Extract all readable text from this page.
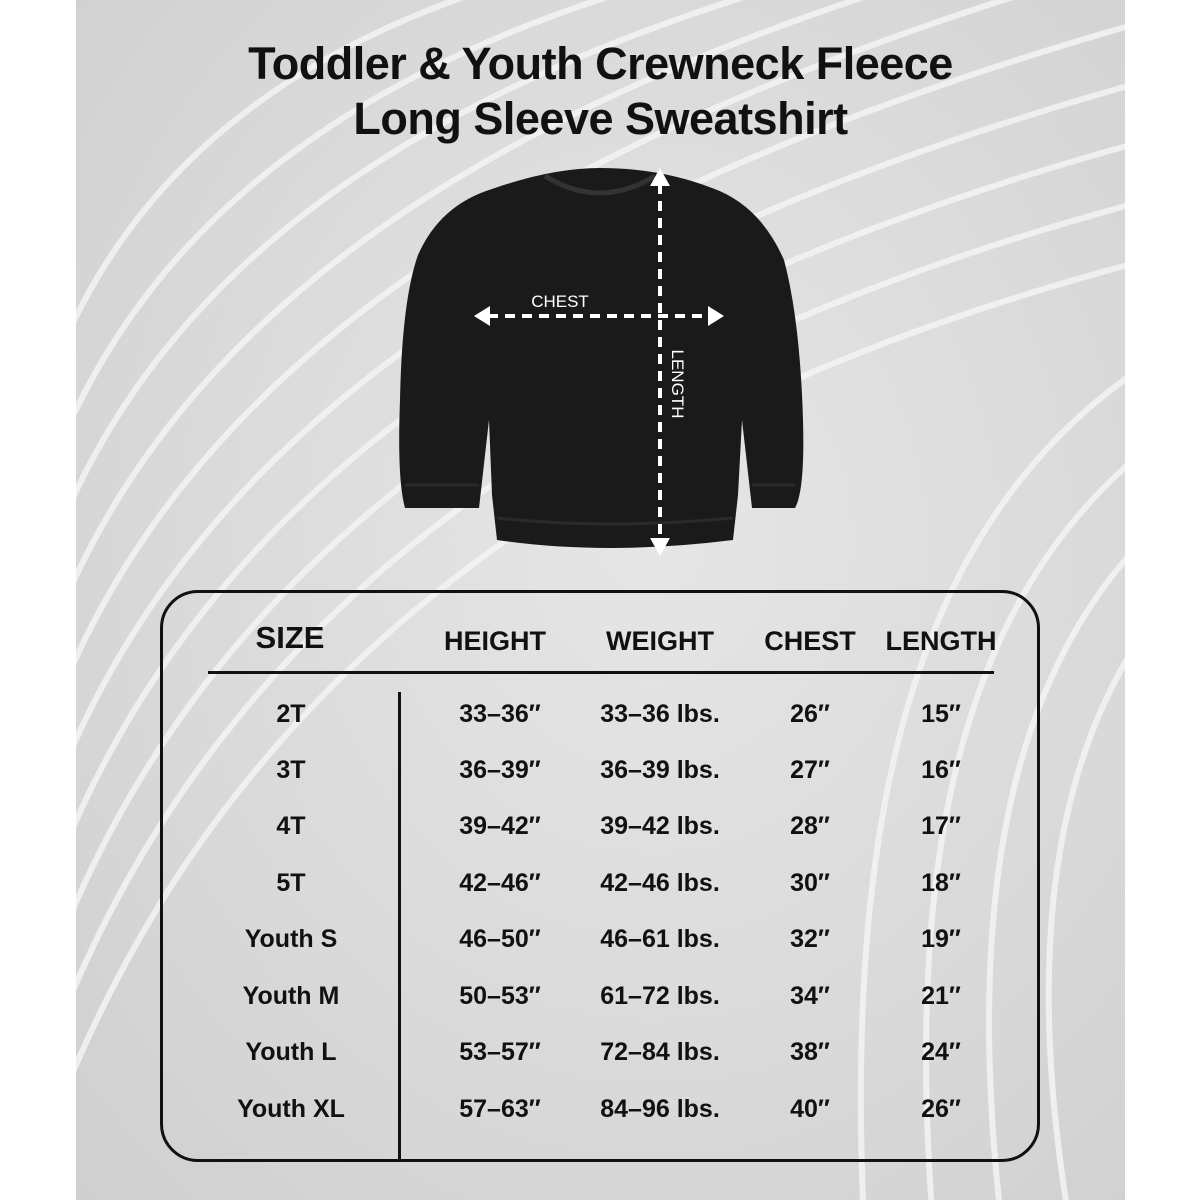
Toddler & Youth Crewneck Fleece
Long Sleeve Sweatshirt
CHEST
LENGTH
SIZE	HEIGHT	WEIGHT	CHEST	LENGTH
2T	33–36″	33–36 lbs.	26″	15″
3T	36–39″	36–39 lbs.	27″	16″
4T	39–42″	39–42 lbs.	28″	17″
5T	42–46″	42–46 lbs.	30″	18″
Youth S	46–50″	46–61 lbs.	32″	19″
Youth M	50–53″	61–72 lbs.	34″	21″
Youth L	53–57″	72–84 lbs.	38″	24″
Youth XL	57–63″	84–96 lbs.	40″	26″
